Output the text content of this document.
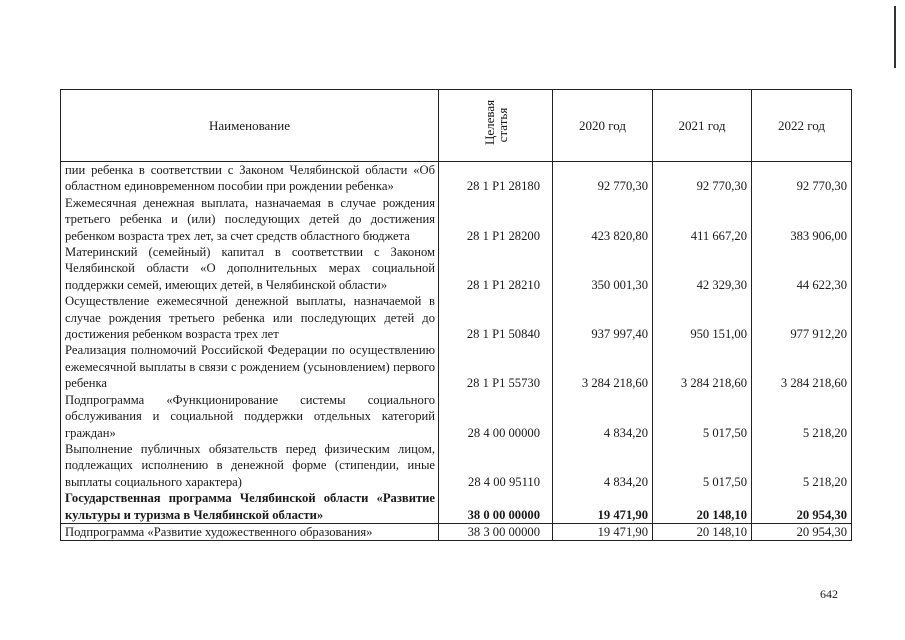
Наименование	Целевая статья	2020 год	2021 год	2022 год
пии ребенка в соответствии с Законом Челябинской области «Об областном единовременном пособии при рождении ребенка»	28 1 P1 28180	92 770,30	92 770,30	92 770,30
Ежемесячная денежная выплата, назначаемая в случае рождения третьего ребенка и (или) последующих детей до достижения ребенком возраста трех лет, за счет средств областного бюджета	28 1 P1 28200	423 820,80	411 667,20	383 906,00
Материнский (семейный) капитал в соответствии с Законом Челябинской области «О дополнительных мерах социальной поддержки семей, имеющих детей, в Челябинской области»	28 1 P1 28210	350 001,30	42 329,30	44 622,30
Осуществление ежемесячной денежной выплаты, назначаемой в случае рождения третьего ребенка или последующих детей до достижения ребенком возраста трех лет	28 1 P1 50840	937 997,40	950 151,00	977 912,20
Реализация полномочий Российской Федерации по осуществлению ежемесячной выплаты в связи с рождением (усыновлением) первого ребенка	28 1 P1 55730	3 284 218,60	3 284 218,60	3 284 218,60
Подпрограмма «Функционирование системы социального обслуживания и социальной поддержки отдельных категорий граждан»	28 4 00 00000	4 834,20	5 017,50	5 218,20
Выполнение публичных обязательств перед физическим лицом, подлежащих исполнению в денежной форме (стипендии, иные выплаты социального характера)	28 4 00 95110	4 834,20	5 017,50	5 218,20
Государственная программа Челябинской области «Развитие культуры и туризма в Челябинской области»	38 0 00 00000	19 471,90	20 148,10	20 954,30
Подпрограмма «Развитие художественного образования»	38 3 00 00000	19 471,90	20 148,10	20 954,30
642
